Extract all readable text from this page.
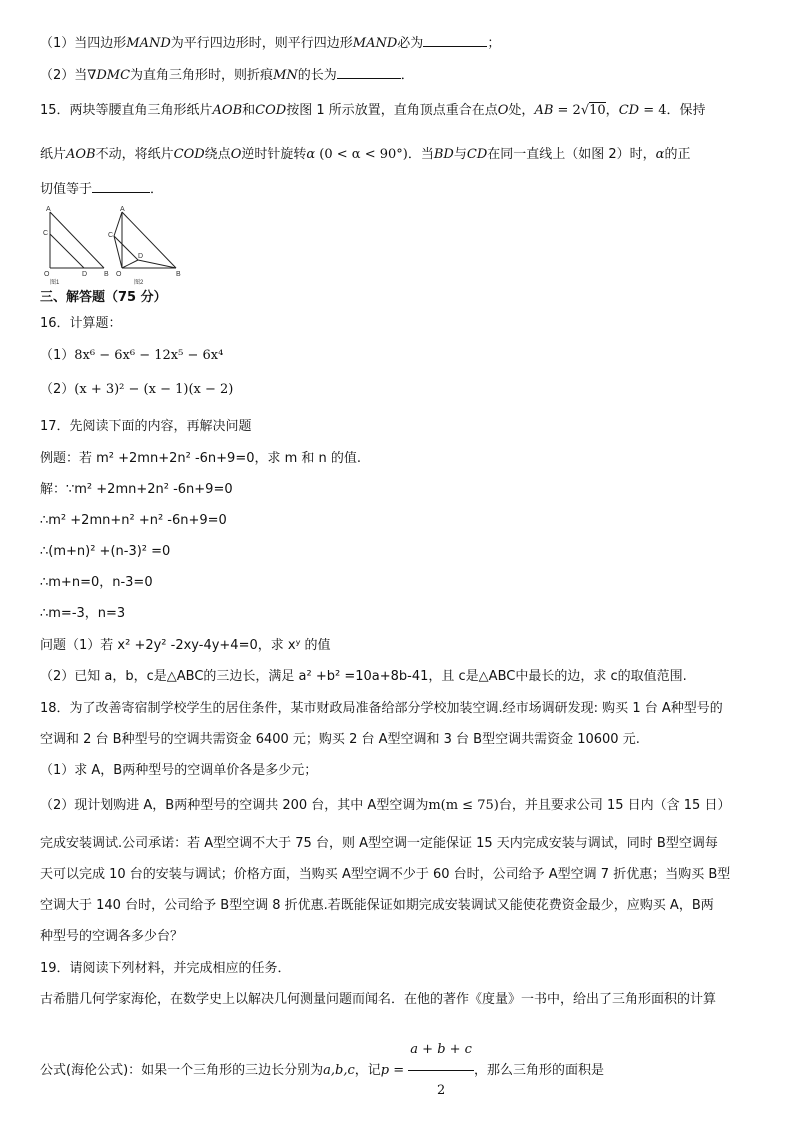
（1）当四边形MAND为平行四边形时，则平行四边形MAND必为	；
（2）当∇DMC为直角三角形时，则折痕MN的长为	．
15．两块等腰直角三角形纸片AOB和COD按图 1 所示放置，直角顶点重合在点O处，AB = 2√10，CD = 4．保持
纸片AOB不动，将纸片COD绕点O逆时针旋转α (0 < α < 90°)．当BD与CD在同一直线上（如图 2）时，α的正
切值等于	．
A
C
O	D B
图1
A
C
O
D
B
图2
三、解答题（75 分）
16．计算题：
（1）8x⁶ − 6x⁶ − 12x⁵ − 6x⁴
（2）(x + 3)² − (x − 1)(x − 2)
17．先阅读下面的内容，再解决问题
例题：若 m² +2mn+2n² -6n+9=0，求 m 和 n 的值.
解：∵m² +2mn+2n² -6n+9=0
∴m² +2mn+n² +n² -6n+9=0
∴(m+n)² +(n-3)² =0
∴m+n=0，n-3=0
∴m=-3，n=3
问题（1）若 x² +2y² -2xy-4y+4=0，求 xʸ 的值
（2）已知 a，b，c是△ABC的三边长，满足 a² +b² =10a+8b-41，且 c是△ABC中最长的边，求 c的取值范围.
18．为了改善寄宿制学校学生的居住条件，某市财政局准备给部分学校加装空调.经市场调研发现: 购买 1 台 A种型号的
空调和 2 台 B种型号的空调共需资金 6400 元；购买 2 台 A型空调和 3 台 B型空调共需资金 10600 元.
（1）求 A，B两种型号的空调单价各是多少元；
（2）现计划购进 A，B两种型号的空调共 200 台，其中 A型空调为m(m ≤ 75)台，并且要求公司 15 日内（含 15 日）
完成安装调试.公司承诺：若 A型空调不大于 75 台，则 A型空调一定能保证 15 天内完成安装与调试，同时 B型空调每
天可以完成 10 台的安装与调试；价格方面，当购买 A型空调不少于 60 台时，公司给予 A型空调 7 折优惠；当购买 B型
空调大于 140 台时，公司给予 B型空调 8 折优惠.若既能保证如期完成安装调试又能使花费资金最少，应购买 A，B两
种型号的空调各多少台？
19．请阅读下列材料，并完成相应的任务．
古希腊几何学家海伦，在数学史上以解决几何测量问题而闻名．在他的著作《度量》一书中，给出了三角形面积的计算
公式(海伦公式)：如果一个三角形的三边长分别为a,b,c，记$p = \frac{a + b + c}{2}$ ，那么三角形的面积是
